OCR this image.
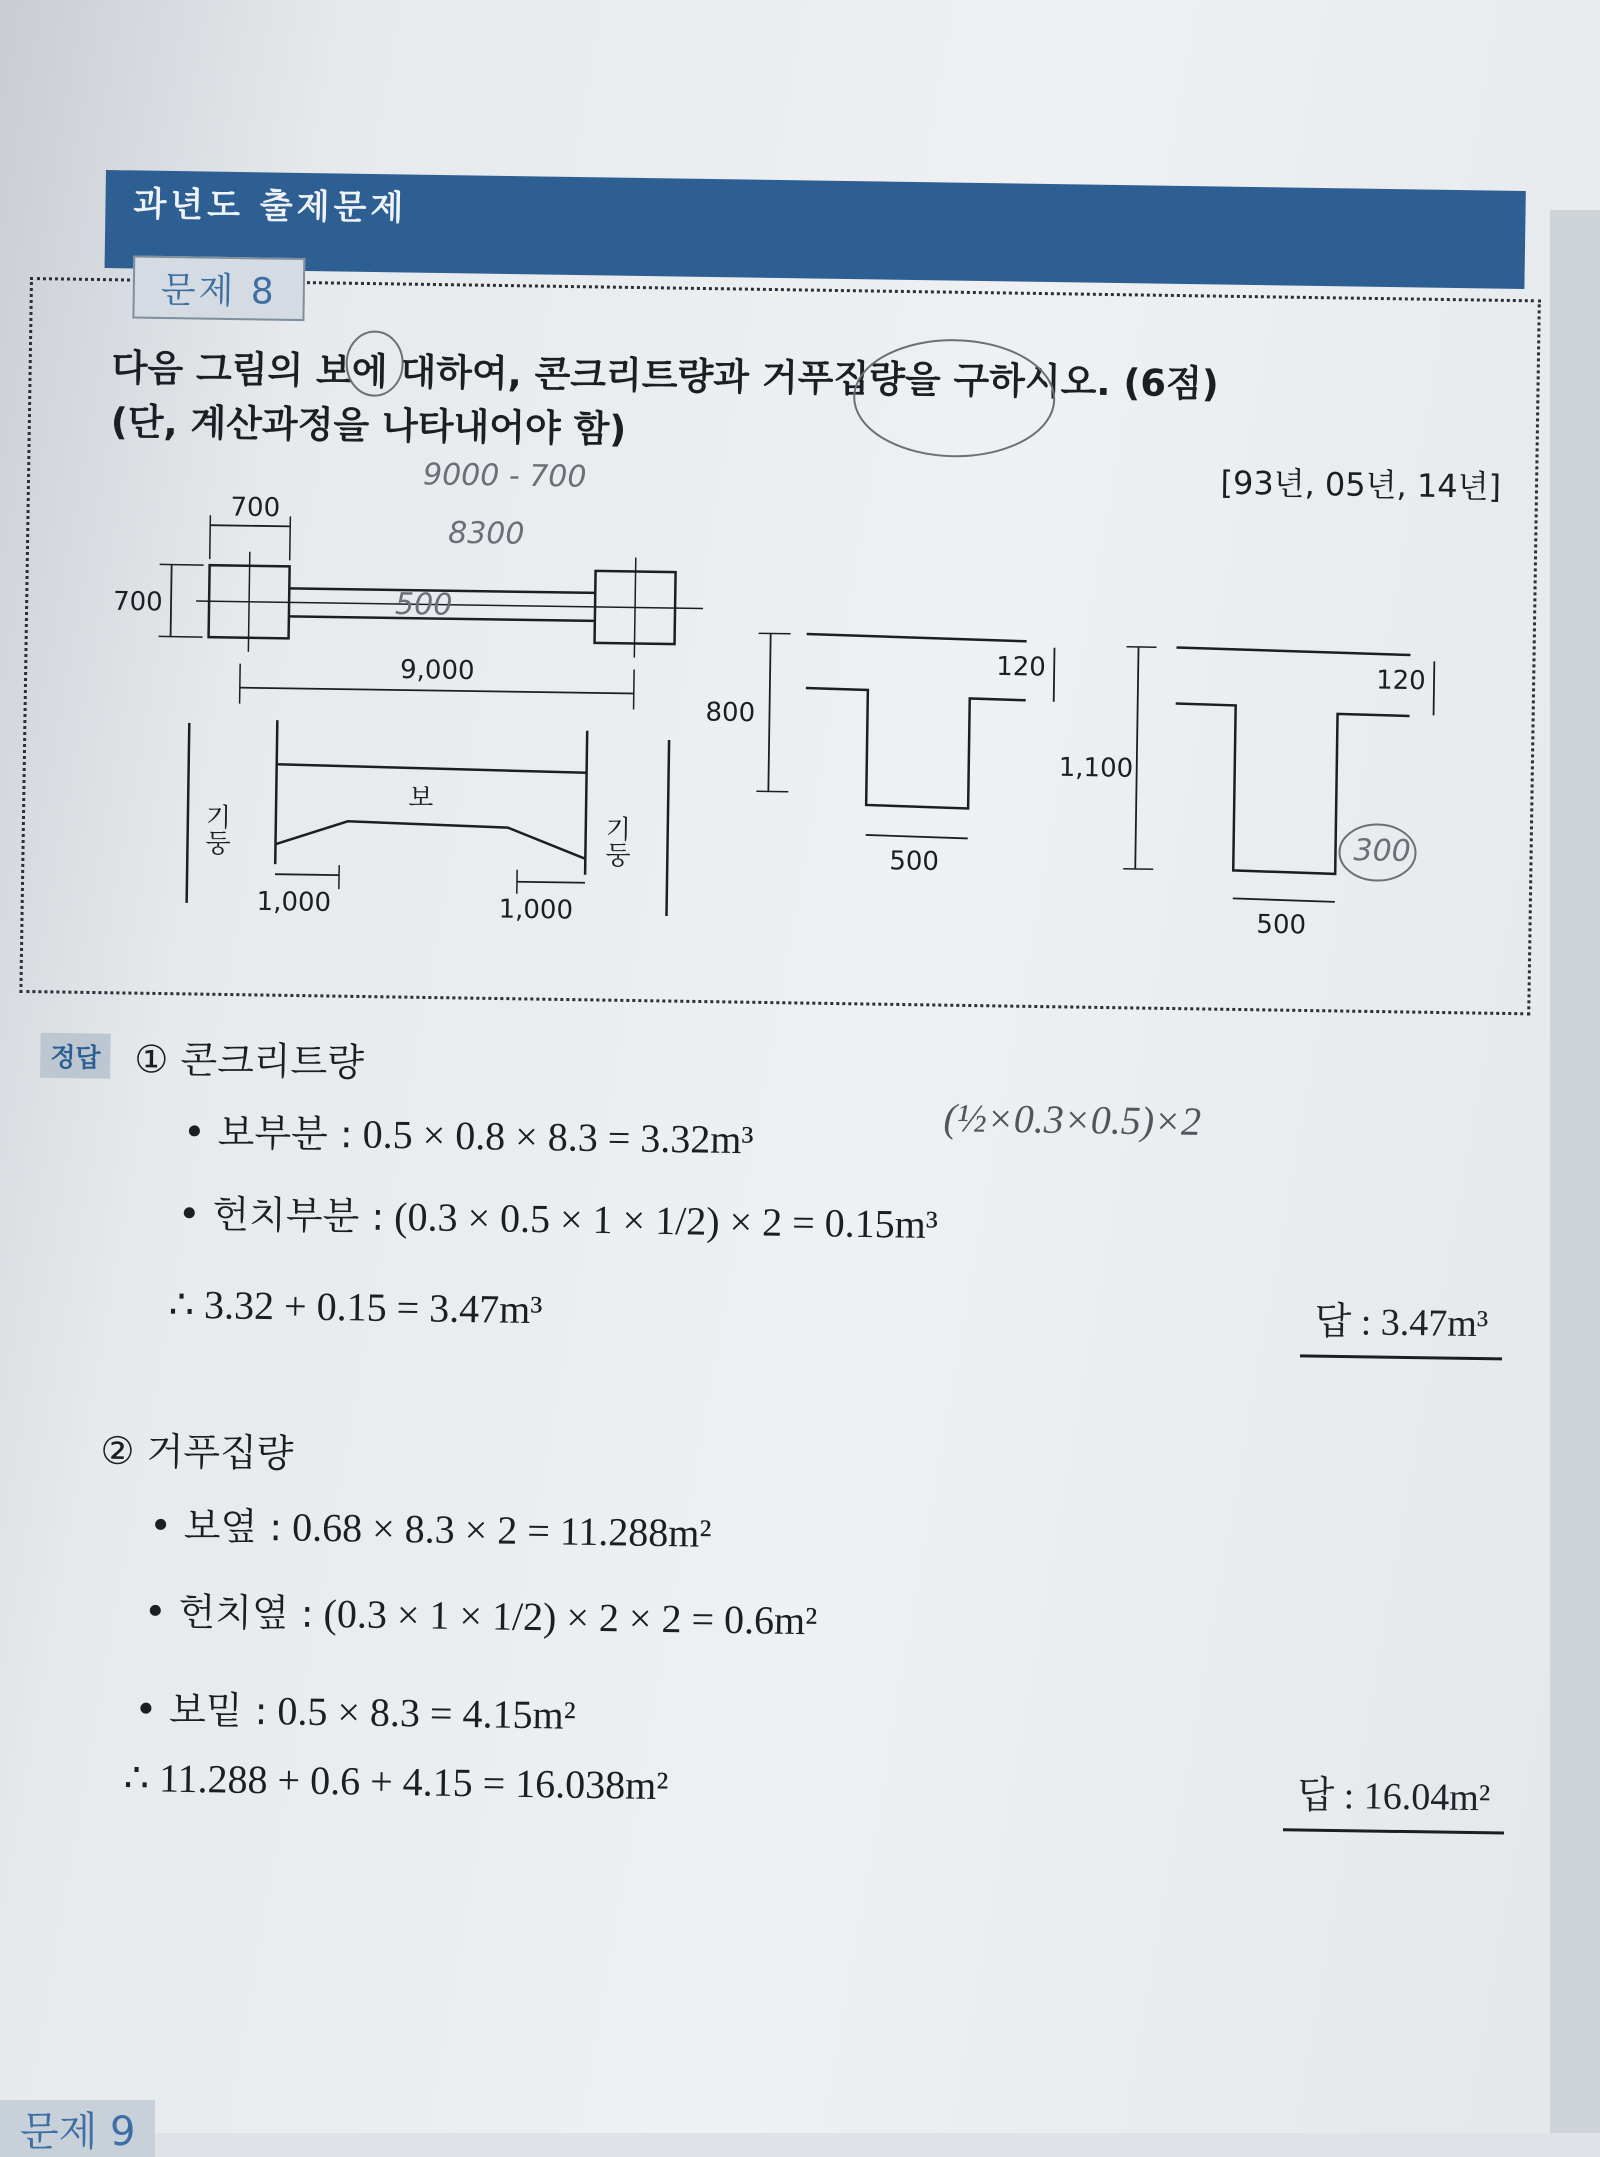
과년도 출제문제
문제 8
다음 그림의 보에 대하여, 콘크리트량과 거푸집량을 구하시오. (6점)
(단, 계산과정을 나타내어야 함)
[93년, 05년, 14년]
700
700
9,000
500
기둥	기둥
보
1,000	1,000
800
120
500
1,100
120
500
9000 - 700
8300
300
정답 ① 콘크리트량
• 보부분 : 0.5 × 0.8 × 8.3 = 3.32m³	(½×0.3×0.5)×2
• 헌치부분 : (0.3 × 0.5 × 1 × 1/2) × 2 = 0.15m³
∴ 3.32 + 0.15 = 3.47m³	답 : 3.47m³
② 거푸집량
• 보옆 : 0.68 × 8.3 × 2 = 11.288m²
• 헌치옆 : (0.3 × 1 × 1/2) × 2 × 2 = 0.6m²
• 보밑 : 0.5 × 8.3 = 4.15m²
∴ 11.288 + 0.6 + 4.15 = 16.038m²	답 : 16.04m²
문제 9
